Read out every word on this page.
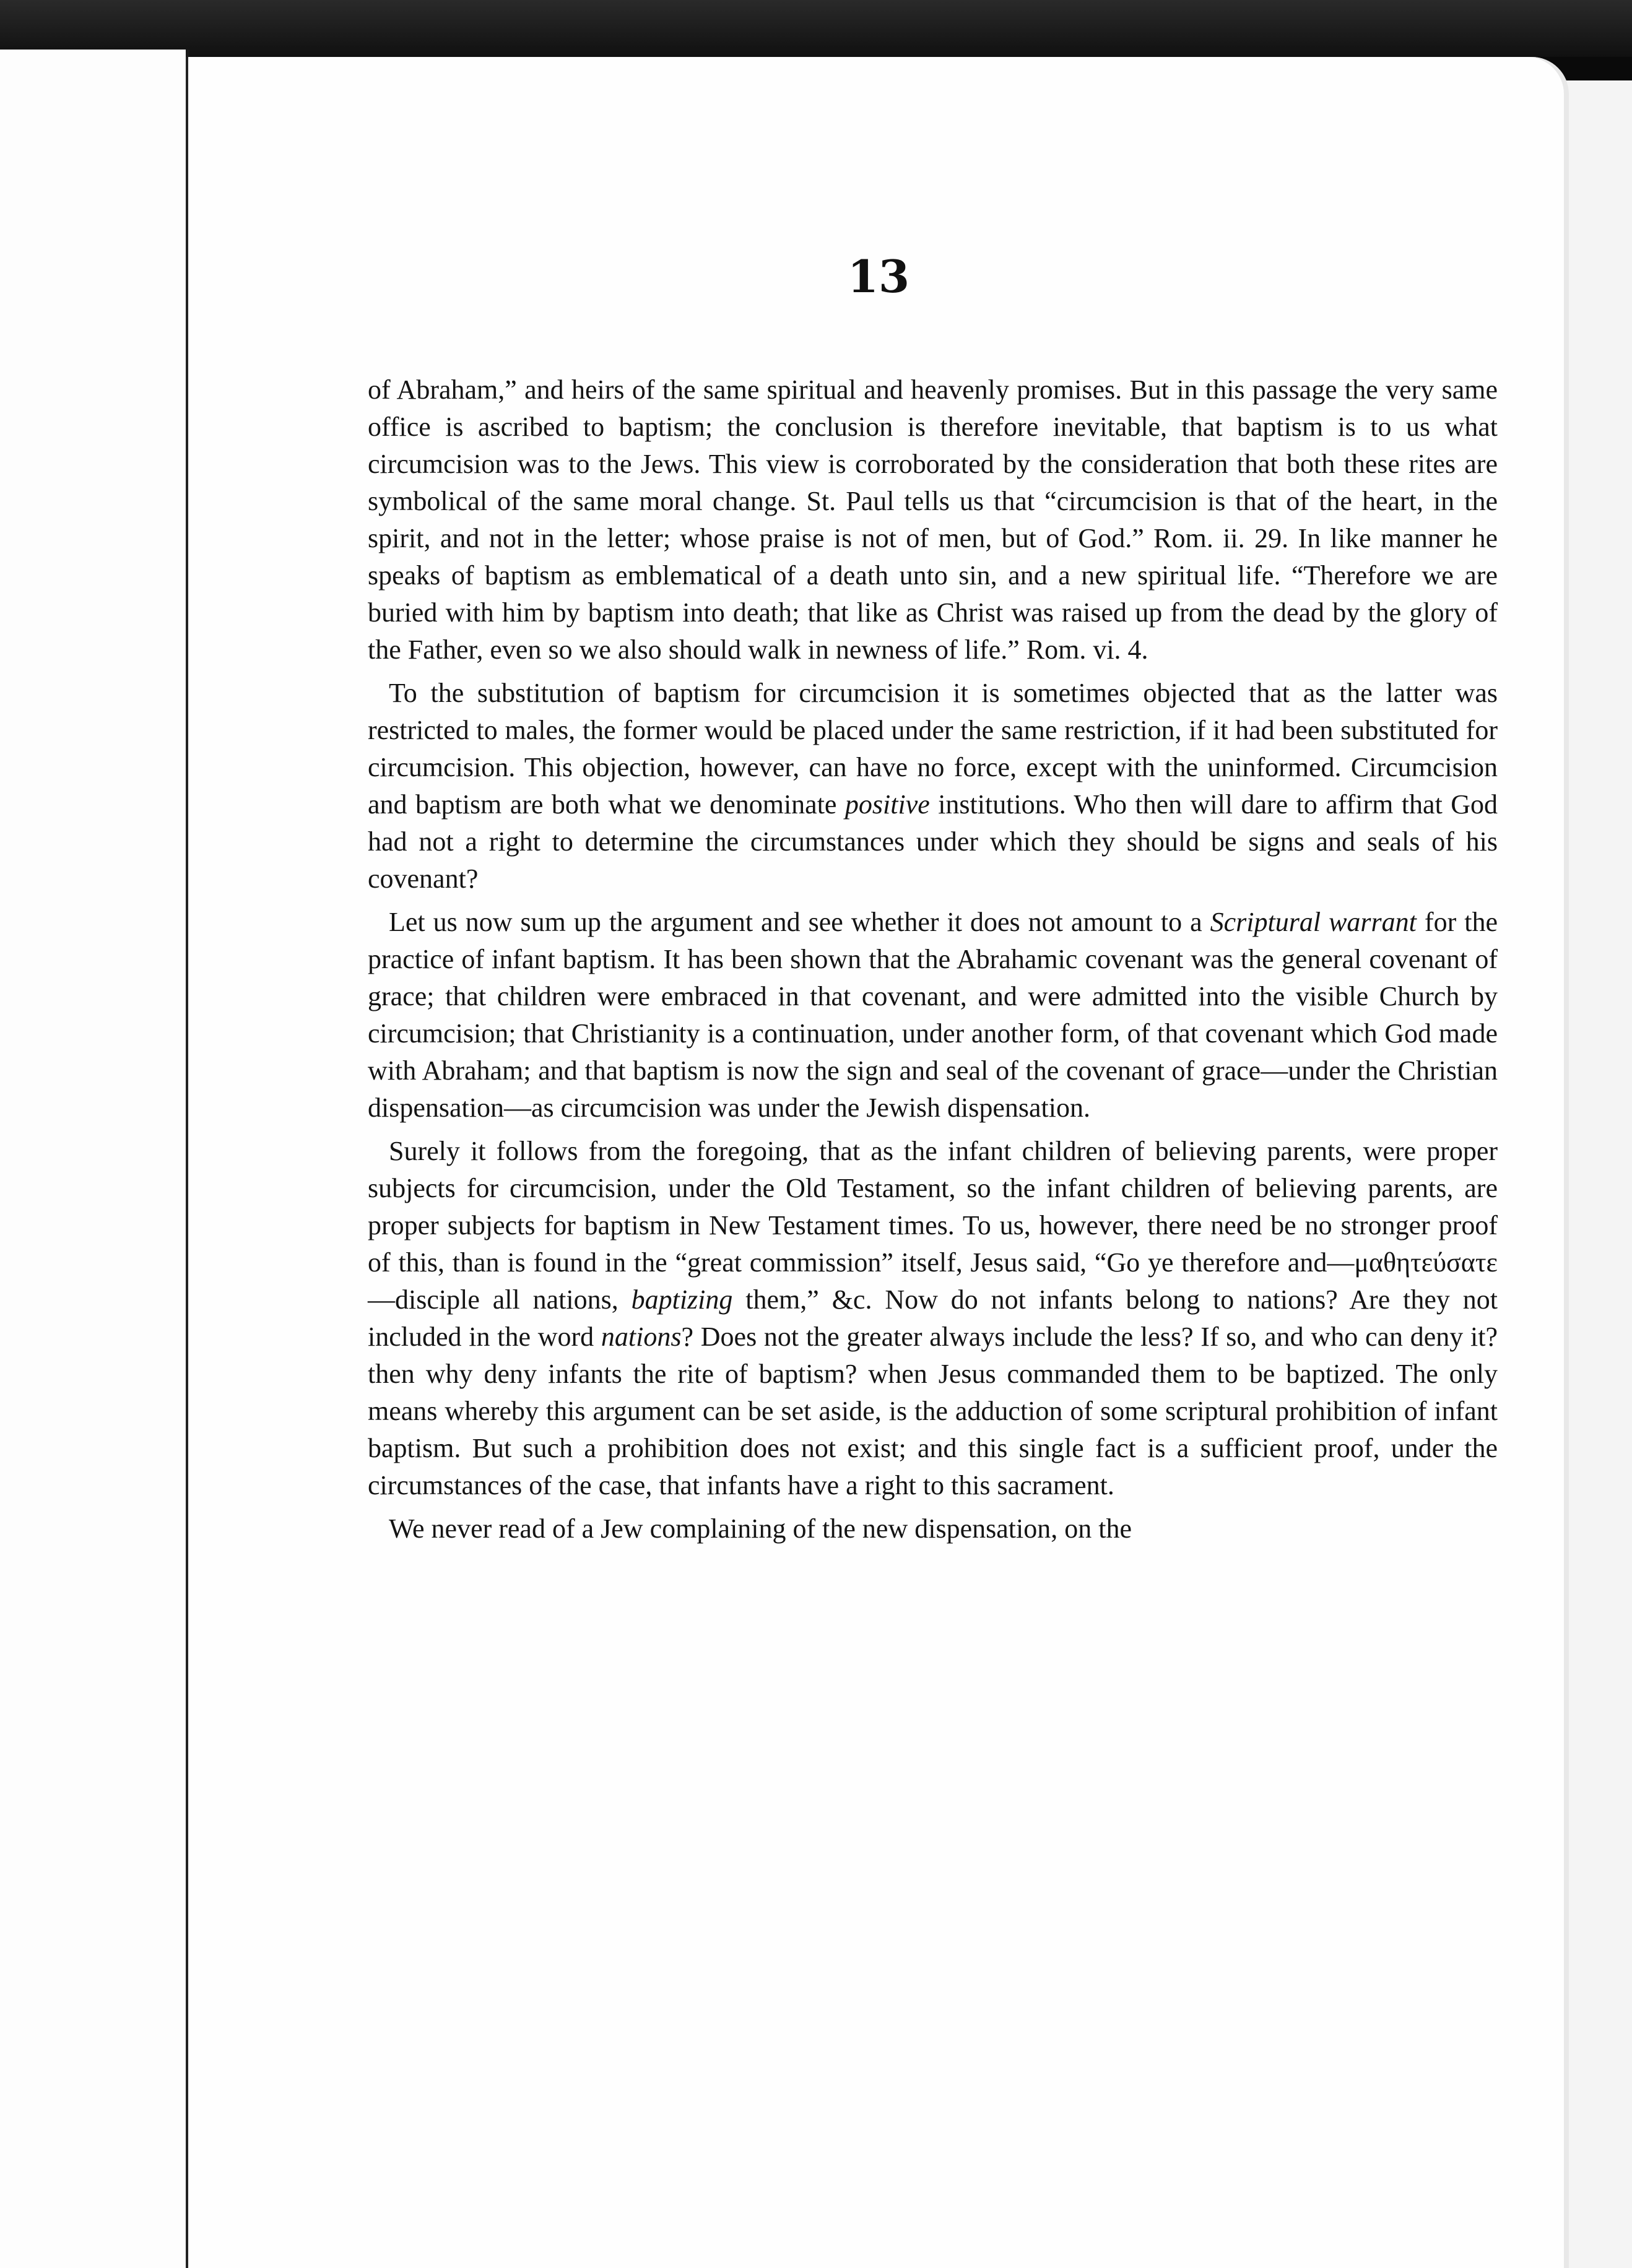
13

of Abraham,” and heirs of the same spiritual and heavenly promises. But in this passage the very same office is ascribed to baptism; the conclusion is therefore inevitable, that baptism is to us what circumcision was to the Jews. This view is corroborated by the consideration that both these rites are symbolical of the same moral change. St. Paul tells us that “circumcision is that of the heart, in the spirit, and not in the letter; whose praise is not of men, but of God.” Rom. ii. 29. In like manner he speaks of baptism as emblematical of a death unto sin, and a new spiritual life. “Therefore we are buried with him by baptism into death; that like as Christ was raised up from the dead by the glory of the Father, even so we also should walk in newness of life.” Rom. vi. 4.

To the substitution of baptism for circumcision it is sometimes objected that as the latter was restricted to males, the former would be placed under the same restriction, if it had been substituted for circumcision. This objection, however, can have no force, except with the uninformed. Circumcision and baptism are both what we denominate positive institutions. Who then will dare to affirm that God had not a right to determine the circumstances under which they should be signs and seals of his covenant?

Let us now sum up the argument and see whether it does not amount to a Scriptural warrant for the practice of infant baptism. It has been shown that the Abrahamic covenant was the general covenant of grace; that children were embraced in that covenant, and were admitted into the visible Church by circumcision; that Christianity is a continuation, under another form, of that covenant which God made with Abraham; and that baptism is now the sign and seal of the covenant of grace—under the Christian dispensation—as circumcision was under the Jewish dispensation.

Surely it follows from the foregoing, that as the infant children of believing parents, were proper subjects for circumcision, under the Old Testament, so the infant children of believing parents, are proper subjects for baptism in New Testament times. To us, however, there need be no stronger proof of this, than is found in the “great commission” itself, Jesus said, “Go ye therefore and—μαθητεύσατε—disciple all nations, baptizing them,” &c. Now do not infants belong to nations? Are they not included in the word nations? Does not the greater always include the less? If so, and who can deny it? then why deny infants the rite of baptism? when Jesus commanded them to be baptized. The only means whereby this argument can be set aside, is the adduction of some scriptural prohibition of infant baptism. But such a prohibition does not exist; and this single fact is a sufficient proof, under the circumstances of the case, that infants have a right to this sacrament.

We never read of a Jew complaining of the new dispensation, on the
